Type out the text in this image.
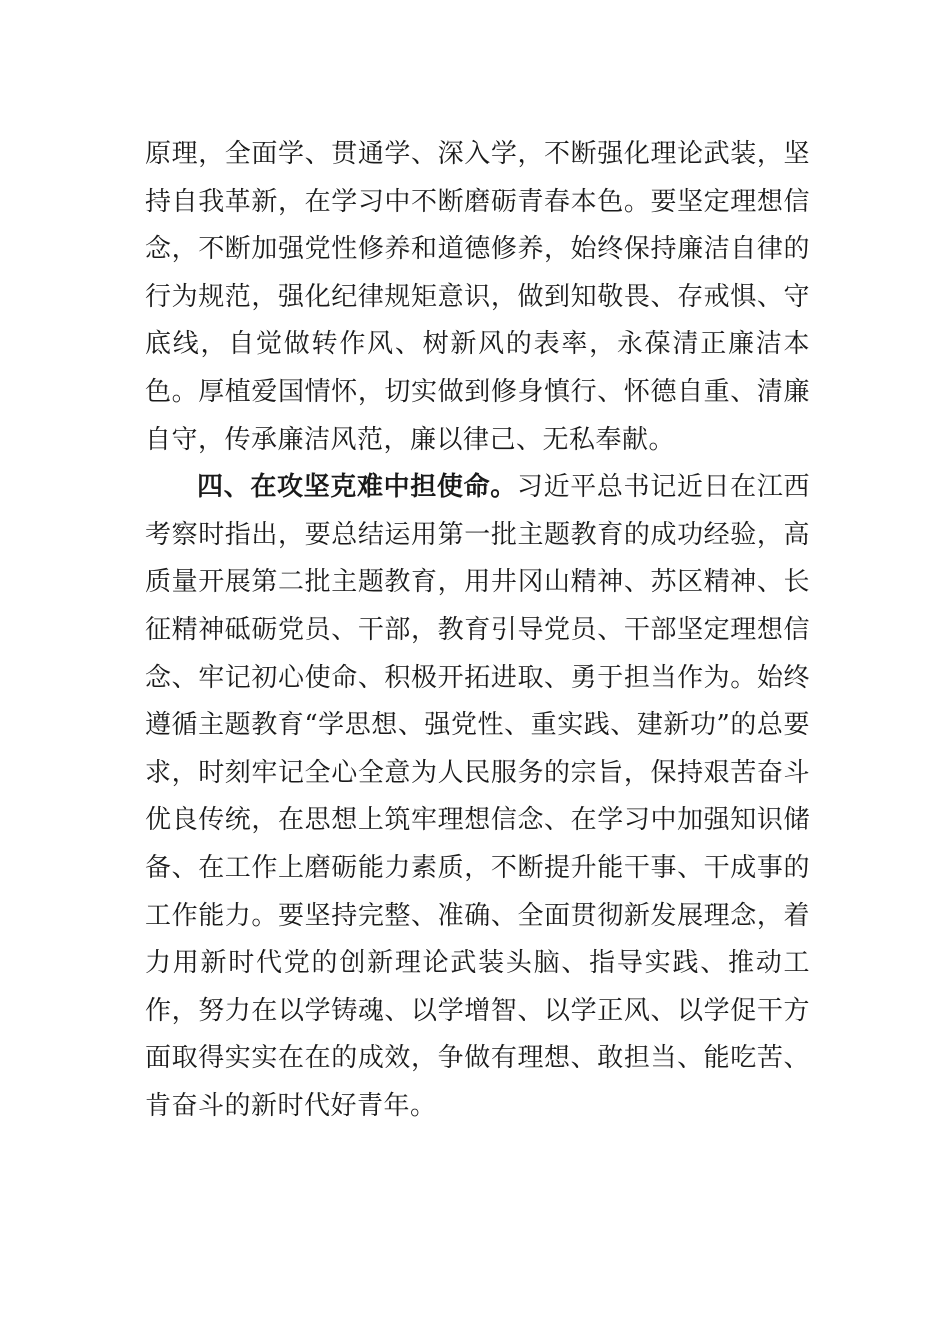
原理，全面学、贯通学、深入学，不断强化理论武装，坚持自我革新，在学习中不断磨砺青春本色。要坚定理想信念，不断加强党性修养和道德修养，始终保持廉洁自律的行为规范，强化纪律规矩意识，做到知敬畏、存戒惧、守底线，自觉做转作风、树新风的表率，永葆清正廉洁本色。厚植爱国情怀，切实做到修身慎行、怀德自重、清廉自守，传承廉洁风范，廉以律己、无私奉献。

四、在攻坚克难中担使命。习近平总书记近日在江西考察时指出，要总结运用第一批主题教育的成功经验，高质量开展第二批主题教育，用井冈山精神、苏区精神、长征精神砥砺党员、干部，教育引导党员、干部坚定理想信念、牢记初心使命、积极开拓进取、勇于担当作为。始终遵循主题教育“学思想、强党性、重实践、建新功”的总要求，时刻牢记全心全意为人民服务的宗旨，保持艰苦奋斗优良传统，在思想上筑牢理想信念、在学习中加强知识储备、在工作上磨砺能力素质，不断提升能干事、干成事的工作能力。要坚持完整、准确、全面贯彻新发展理念，着力用新时代党的创新理论武装头脑、指导实践、推动工作，努力在以学铸魂、以学增智、以学正风、以学促干方面取得实实在在的成效，争做有理想、敢担当、能吃苦、肯奋斗的新时代好青年。
